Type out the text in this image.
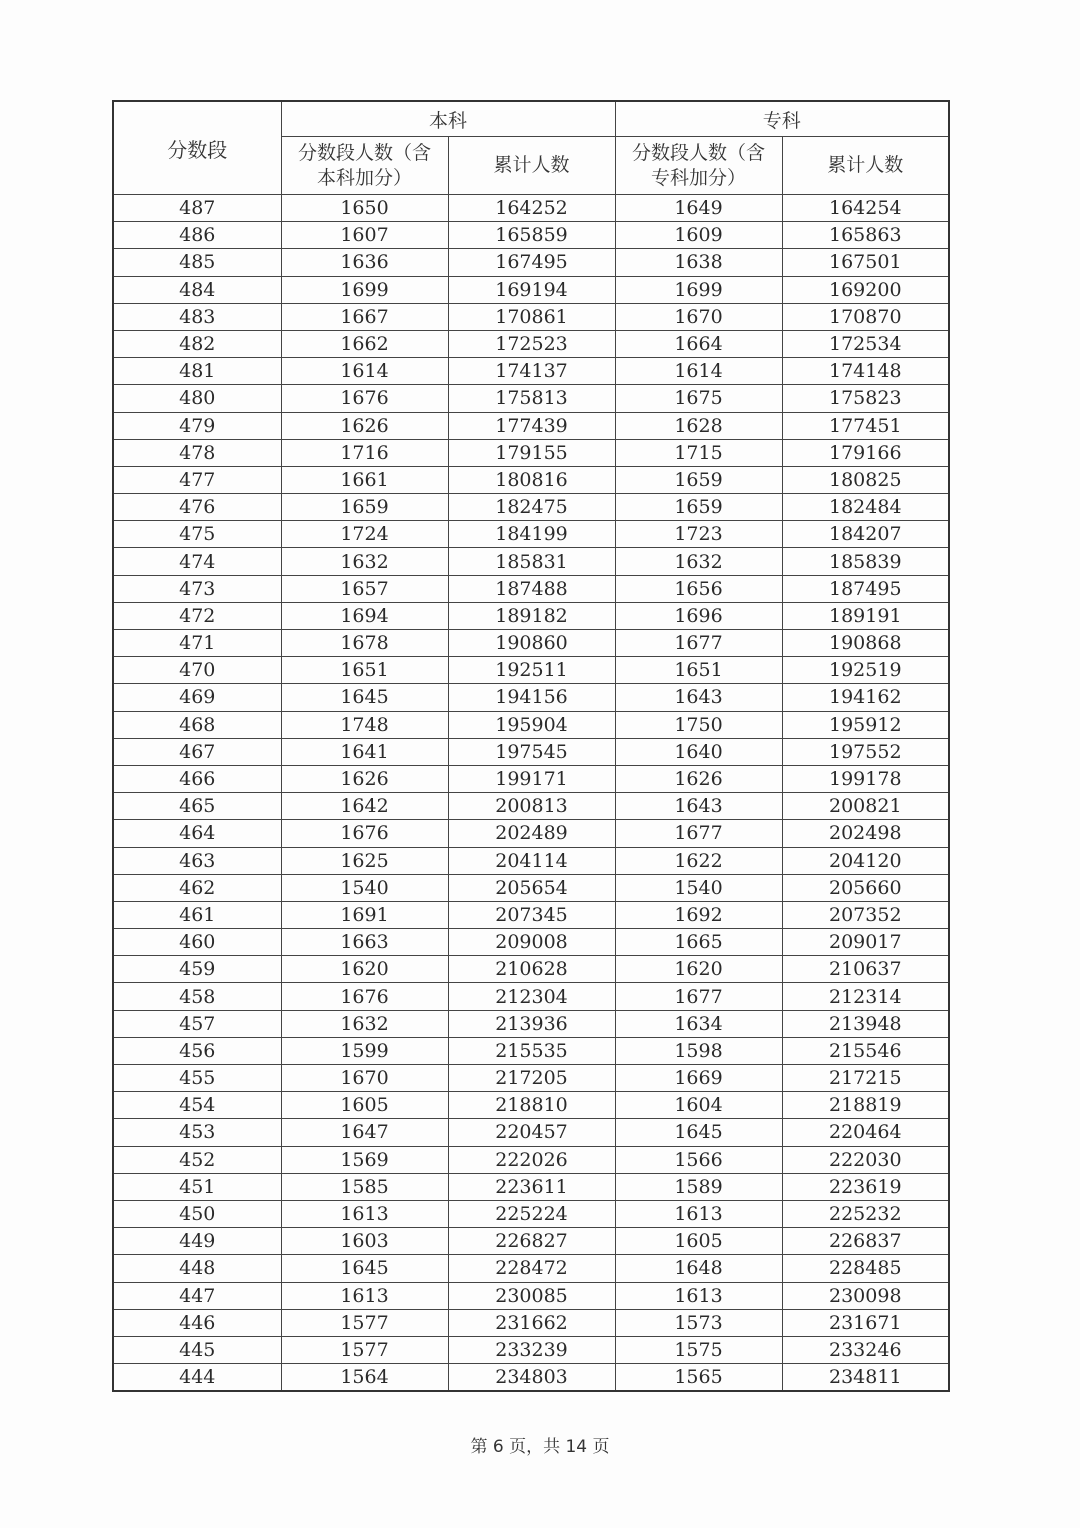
分数段	本科		专科	

	分数段人数（含
本科加分）	累计人数	分数段人数（含
专科加分）	累计人数
487	1650	164252	1649	164254
486	1607	165859	1609	165863
485	1636	167495	1638	167501
484	1699	169194	1699	169200
483	1667	170861	1670	170870
482	1662	172523	1664	172534
481	1614	174137	1614	174148
480	1676	175813	1675	175823
479	1626	177439	1628	177451
478	1716	179155	1715	179166
477	1661	180816	1659	180825
476	1659	182475	1659	182484
475	1724	184199	1723	184207
474	1632	185831	1632	185839
473	1657	187488	1656	187495
472	1694	189182	1696	189191
471	1678	190860	1677	190868
470	1651	192511	1651	192519
469	1645	194156	1643	194162
468	1748	195904	1750	195912
467	1641	197545	1640	197552
466	1626	199171	1626	199178
465	1642	200813	1643	200821
464	1676	202489	1677	202498
463	1625	204114	1622	204120
462	1540	205654	1540	205660
461	1691	207345	1692	207352
460	1663	209008	1665	209017
459	1620	210628	1620	210637
458	1676	212304	1677	212314
457	1632	213936	1634	213948
456	1599	215535	1598	215546
455	1670	217205	1669	217215
454	1605	218810	1604	218819
453	1647	220457	1645	220464
452	1569	222026	1566	222030
451	1585	223611	1589	223619
450	1613	225224	1613	225232
449	1603	226827	1605	226837
448	1645	228472	1648	228485
447	1613	230085	1613	230098
446	1577	231662	1573	231671
445	1577	233239	1575	233246
444	1564	234803	1565	234811
第 6 页，共 14 页
